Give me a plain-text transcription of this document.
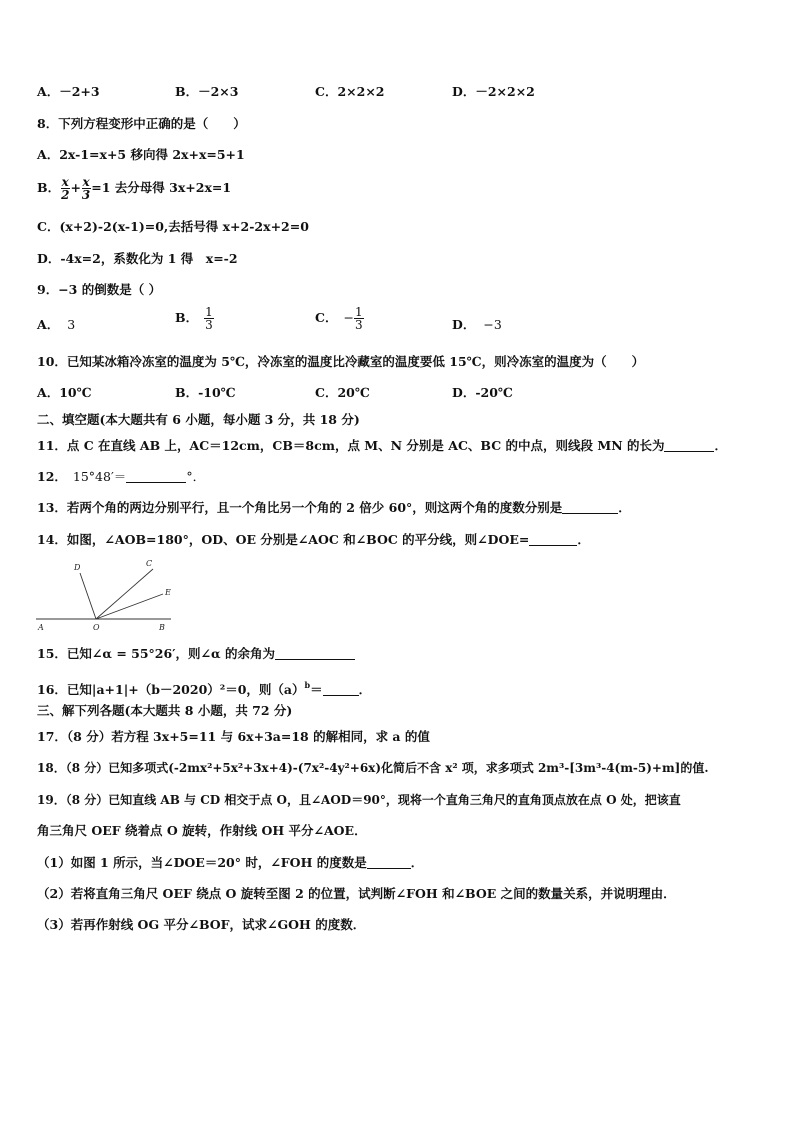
A．－2+3	B．－2×3	C．2×2×2	D．－2×2×2
8．下列方程变形中正确的是（　　）
A．2x-1=x+5 移向得 2x+x=5+1
B． $\frac{x}{2} + \frac{x}{3} =1$ 去分母得 3x+2x=1
C．(x+2)-2(x-1)=0,去括号得 x+2-2x+2=0
D．-4x=2，系数化为 1 得　x=-2
9．−3 的倒数是（ ）
A． 3	B． $\frac{1}{3}$	C． − $\frac{1}{3}$	D． −3
10．已知某冰箱冷冻室的温度为 5℃，冷冻室的温度比冷藏室的温度要低 15℃，则冷冻室的温度为（　　）
A．10℃	B．-10℃	C．20℃	D．-20℃
二、填空题(本大题共有 6 小题，每小题 3 分，共 18 分)
11．点 C 在直线 AB 上，AC＝12cm，CB＝8cm，点 M、N 分别是 AC、BC 的中点，则线段 MN 的长为	．
12． 15°48′＝	°．
13．若两个角的两边分别平行，且一个角比另一个角的 2 倍少 60°，则这两个角的度数分别是	．
14．如图，∠AOB=180°，OD、OE 分别是∠AOC 和∠BOC 的平分线，则∠DOE=	．
D	C
E
A	O	B
15．已知∠α = 55°26′，则∠α 的余角为
16．已知|a+1|+（b－2020）²＝0，则$(a)^b=$	．
三、解下列各题(本大题共 8 小题，共 72 分)
17．（8 分）若方程 3x+5=11 与 6x+3a=18 的解相同，求 a 的值
18．（8 分）已知多项式(-2mx²+5x²+3x+4)-(7x²-4y²+6x)化简后不含 x² 项，求多项式 2m³-[3m³-4(m-5)+m]的值.
19．（8 分）已知直线 AB 与 CD 相交于点 O，且∠AOD＝90°，现将一个直角三角尺的直角顶点放在点 O 处，把该直
角三角尺 OEF 绕着点 O 旋转，作射线 OH 平分∠AOE．
（1）如图 1 所示，当∠DOE＝20° 时，∠FOH 的度数是	．
（2）若将直角三角尺 OEF 绕点 O 旋转至图 2 的位置，试判断∠FOH 和∠BOE 之间的数量关系，并说明理由．
（3）若再作射线 OG 平分∠BOF，试求∠GOH 的度数．
